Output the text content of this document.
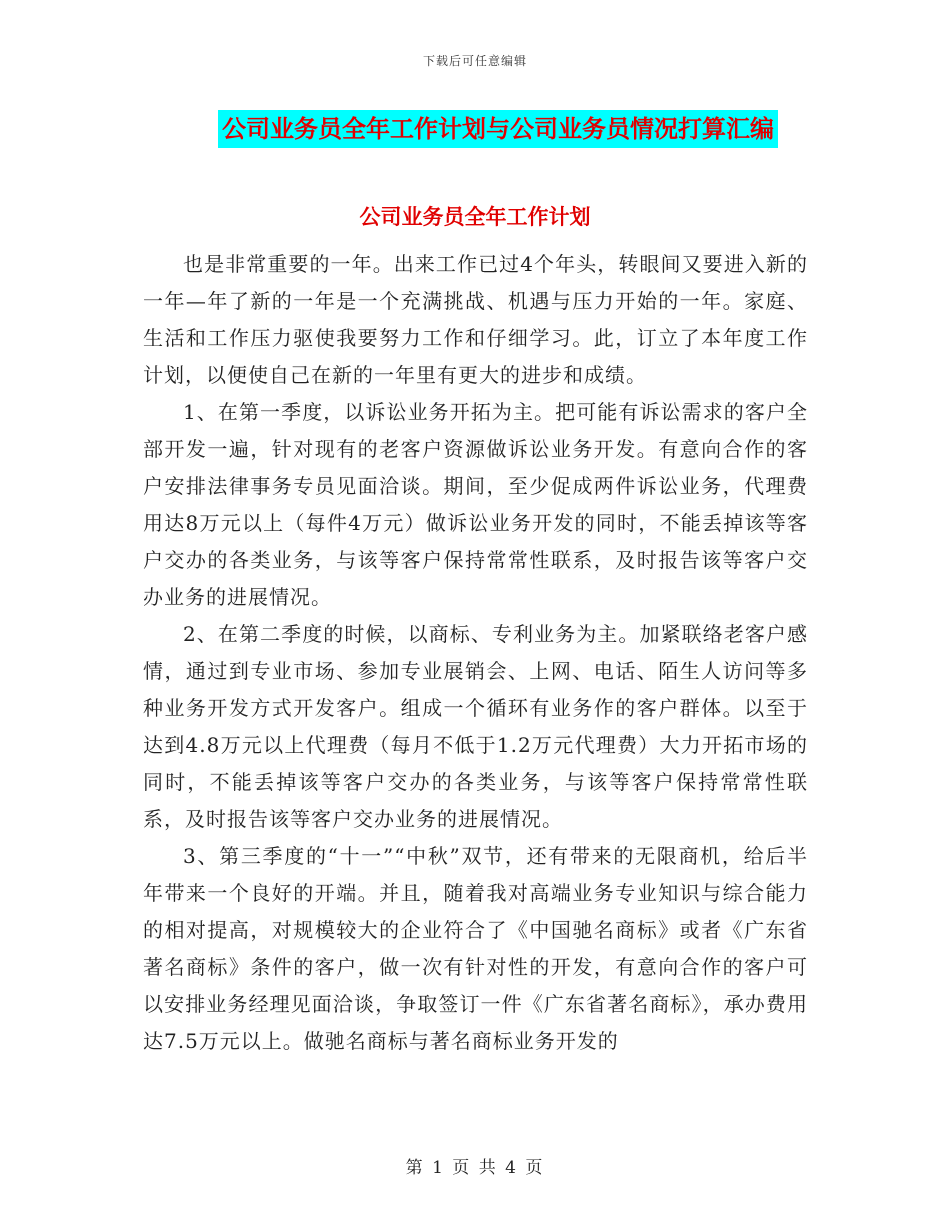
下载后可任意编辑
公司业务员全年工作计划与公司业务员情况打算汇编
公司业务员全年工作计划

也是非常重要的一年。出来工作已过4个年头，转眼间又要进入新的一年—年了新的一年是一个充满挑战、机遇与压力开始的一年。家庭、生活和工作压力驱使我要努力工作和仔细学习。此，订立了本年度工作计划，以便使自己在新的一年里有更大的进步和成绩。

1、在第一季度，以诉讼业务开拓为主。把可能有诉讼需求的客户全部开发一遍，针对现有的老客户资源做诉讼业务开发。有意向合作的客户安排法律事务专员见面洽谈。期间，至少促成两件诉讼业务，代理费用达8万元以上（每件4万元）做诉讼业务开发的同时，不能丢掉该等客户交办的各类业务，与该等客户保持常常性联系，及时报告该等客户交办业务的进展情况。

2、在第二季度的时候，以商标、专利业务为主。加紧联络老客户感情，通过到专业市场、参加专业展销会、上网、电话、陌生人访问等多种业务开发方式开发客户。组成一个循环有业务作的客户群体。以至于达到4.8万元以上代理费（每月不低于1.2万元代理费）大力开拓市场的同时，不能丢掉该等客户交办的各类业务，与该等客户保持常常性联系，及时报告该等客户交办业务的进展情况。

3、第三季度的“十一”“中秋”双节，还有带来的无限商机，给后半年带来一个良好的开端。并且，随着我对高端业务专业知识与综合能力的相对提高，对规模较大的企业符合了《中国驰名商标》或者《广东省著名商标》条件的客户，做一次有针对性的开发，有意向合作的客户可以安排业务经理见面洽谈，争取签订一件《广东省著名商标》，承办费用达7.5万元以上。做驰名商标与著名商标业务开发的

第 1 页 共 4 页
